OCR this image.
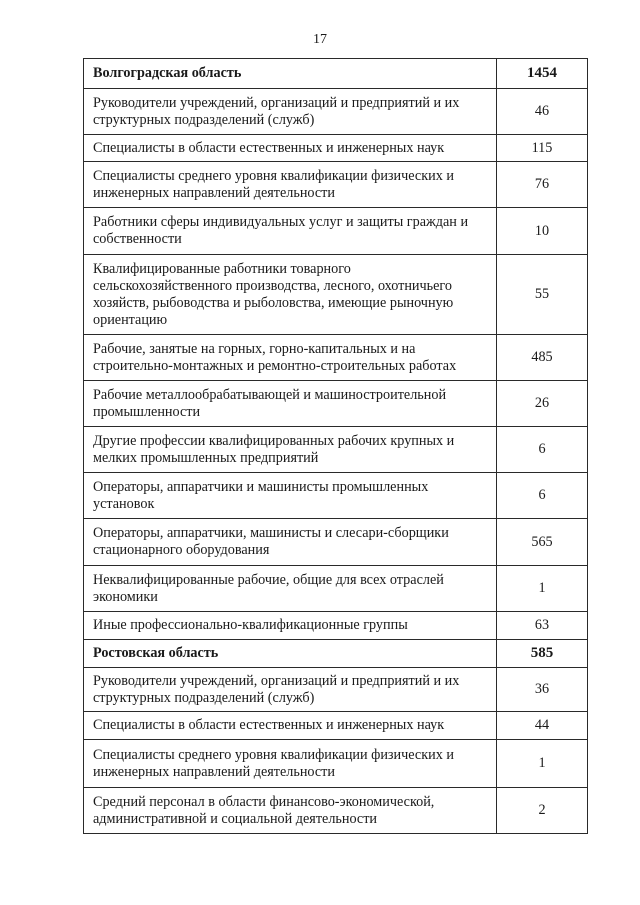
17
Волгоградская область	1454
Руководители учреждений, организаций и предприятий и их структурных подразделений (служб)	46
Специалисты в области естественных и инженерных наук	115
Специалисты среднего уровня квалификации физических и инженерных направлений деятельности	76
Работники сферы индивидуальных услуг и защиты граждан и собственности	10
Квалифицированные работники товарного сельскохозяйственного производства, лесного, охотничьего хозяйств, рыбоводства и рыболовства, имеющие рыночную ориентацию	55
Рабочие, занятые на горных, горно-капитальных и на строительно-монтажных и ремонтно-строительных работах	485
Рабочие металлообрабатывающей и машиностроительной промышленности	26
Другие профессии квалифицированных рабочих крупных и мелких промышленных предприятий	6
Операторы, аппаратчики и машинисты промышленных установок	6
Операторы, аппаратчики, машинисты и слесари-сборщики стационарного оборудования	565
Неквалифицированные рабочие, общие для всех отраслей экономики	1
Иные профессионально-квалификационные группы	63
Ростовская область	585
Руководители учреждений, организаций и предприятий и их структурных подразделений (служб)	36
Специалисты в области естественных и инженерных наук	44
Специалисты среднего уровня квалификации физических и инженерных направлений деятельности	1
Средний персонал в области финансово-экономической, административной и социальной деятельности	2
